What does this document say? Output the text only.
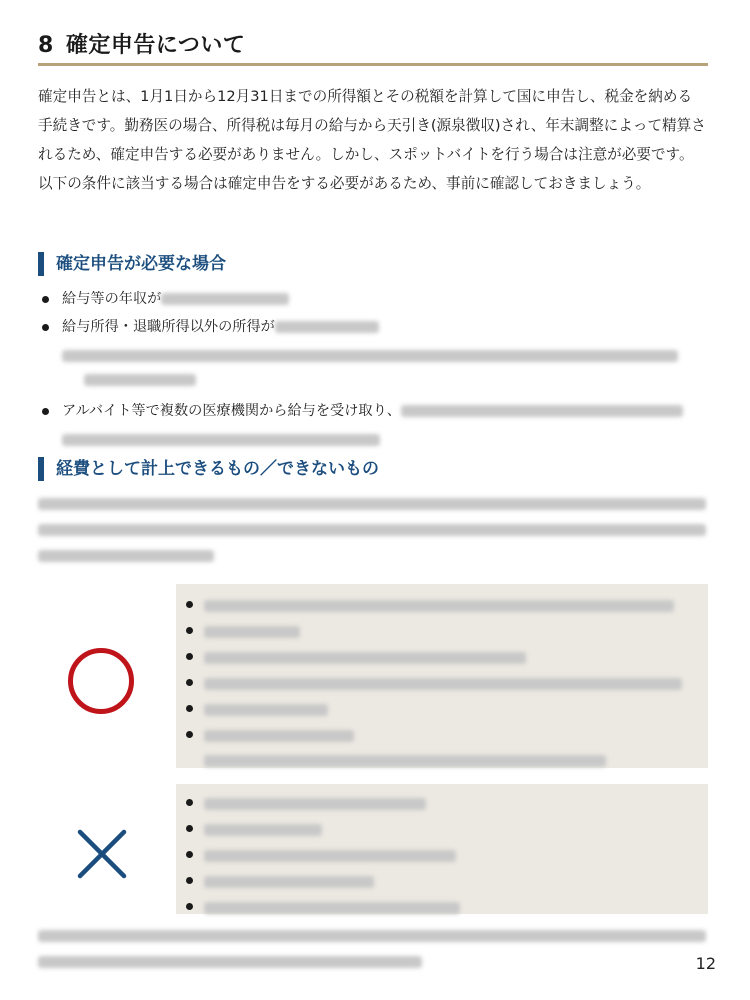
8 確定申告について
確定申告とは、1月1日から12月31日までの所得額とその税額を計算して国に申告し、税金を納める手続きです。勤務医の場合、所得税は毎月の給与から天引き(源泉徴収)され、年末調整によって精算されるため、確定申告する必要がありません。しかし、スポットバイトを行う場合は注意が必要です。以下の条件に該当する場合は確定申告をする必要があるため、事前に確認しておきましょう。
確定申告が必要な場合
給与等の年収が
給与所得・退職所得以外の所得が
アルバイト等で複数の医療機関から給与を受け取り、
経費として計上できるもの／できないもの
12
